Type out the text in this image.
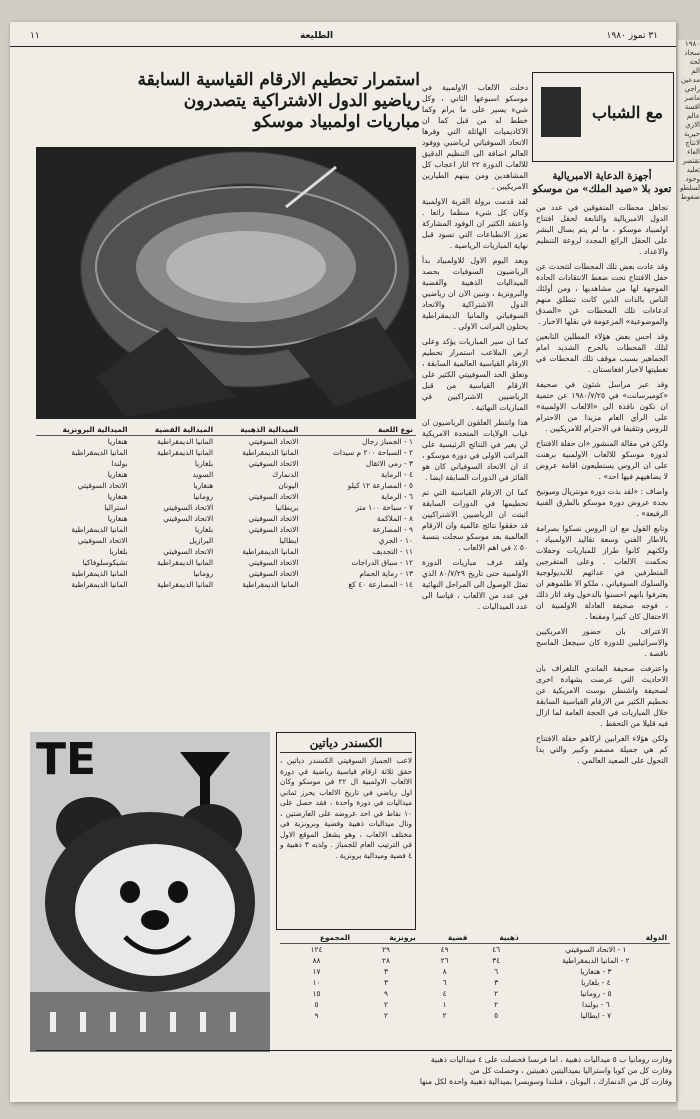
١٩٨٠
سحاد
لحة
الم
مدعين
راجي
ماصر
اقسة
عالم
الازي
حيرية
لانتاج
العاء
تقتصر
تعليد
وجود
لسلطو
ضغوط
١١	الطليعة	٣١ تموز ١٩٨٠
استمرار تحطيم الارقام القياسية السابقة
رياضيو الدول الاشتراكية يتصدرون
مباريات اولمبياد موسكو
نوع اللعبة	الميدالية الذهبية	الميدالية الفضية	الميدالية البرونزية
١ - الجمباز رجال	الاتحاد السوفيتي	المانيا الديمقراطية	هنغاريا
٢ - السباحة ٢٠٠ م سيدات	المانيا الديمقراطية	المانيا الديمقراطية	المانيا الديمقراطية
٣ - رمي الاثقال	الاتحاد السوفيتي	بلغاريا	بولندا
٤ - الرماية	الدنمارك	السويد	هنغاريا
٥ - المصارعة ١٢ كيلو	اليونان	هنغاريا	الاتحاد السوفيتي
٦ - الرماية	الاتحاد السوفيتي	رومانيا	هنغاريا
٧ - سباحة ١٠٠ متر	بريطانيا	الاتحاد السوفيتي	استراليا
٨ - الملاكمة	الاتحاد السوفيتي	الاتحاد السوفيتي	هنغاريا
٩ - المصارعة	الاتحاد السوفيتي	بلغاريا	المانيا الديمقراطية
١٠ - الجري	ايطاليا	البرازيل	الاتحاد السوفيتي
١١ - التجديف	المانيا الديمقراطية	الاتحاد السوفيتي	بلغاريا
١٢ - سباق الدراجات	الاتحاد السوفيتي	المانيا الديمقراطية	تشيكوسلوفاكيا
١٣ - رماية الحمام	الاتحاد السوفيتي	رومانيا	المانيا الديمقراطية
١٤ - المصارعة ٤٠ كغ	المانيا الديمقراطية	المانيا الديمقراطية	المانيا الديمقراطية
الكسندر دياتين
لاعب الجمباز السوفيتي الكسندر دياتين ، حقق ثلاثة ارقام قياسية رياضية في دورة الالعاب الاولمبية ال ٢٢ في موسكو وكان اول رياضي في تاريخ الالعاب يحرز ثماني ميداليات في دورة واحدة ، فقد حصل على ١٠ نقاط في احد عروضه على العارضتين ، ونال ميداليات ذهبية وفضية وبرونزية في مختلف الالعاب ، وهو يشغل الموقع الاول في الترتيب العام للجمباز . ولديه ٣ ذهبية و ٤ فضية وميدالية برونزية .
TE

دخلت الالعاب الاولمبية في موسكو اسبوعها الثاني ، وكل شيء يسير على ما يرام وكما خطط له من قبل كما ان الاكاديميات الهائلة التي وفرها الاتحاد السوفياتي لرياضيي ووفود العالم اضافة الى التنظيم الدقيق للالعاب الدورة ٢٢ اثار اعجاب كل المشاهدين ومن بينهم الطيارين الامريكيين .

لقد قدمت برولة القرية الاولمبية وكان كل شيء منظما رائعا . واعتقد الكثير ان الوفود المشاركة تعزز الانطباعات التي تسود قبل نهاية المباريات الرياضية .

وبعد اليوم الاول للاولمبياد بدأ الرياضيون السوفيات بحصد الميداليات الذهبية والفضية والبرونزية ، وتبين الان ان رياضيي الدول الاشتراكية والاتحاد السوفياتي والمانيا الديمقراطية يحتلون المراتب الاولى .

كما ان سير المباريات يؤكد وعلى ارض الملاعب استمرار تحطيم الارقام القياسية العالمية السابقة ، وتعلق الحد السوفييتي الكثير على الارقام القياسية من قبل الرياضيين الاشتراكيين في المباريات النهائية .

هذا وانتظر العلقون الرياضيون ان غياب الولايات المتحدة الامريكية لن يغير في النتائج الرئيسية على المراتب الاولى في دورة موسكو ، اذ ان الاتحاد السوفياتي كان هو الفائز في الدورات السابقة ايضا .

كما ان الارقام القياسية التي تم تحطيمها في الدورات السابقة اثبتت ان الرياضيين الاشتراكيين قد حققوا نتائج عالمية وان الارقام العالمية بعد موسكو سجلت بنسبة ٥٠ ٪ في اهم الالعاب .

ولقد عرف مباريات الدورة الاولمبية حتى تاريخ ٨٠/٧/٢٩ الذي تمثل الوصول الى المراحل النهائية في عدد من الالعاب ، قياسا الى عدد الميداليات .

مع الشباب
أجهزة الدعاية الامبريالية
تعود بلا «صيد الملك» من موسكو

تجاهل محطات المتفوقين في عدد من الدول الامبريالية والتابعة لحفل افتتاح اولمبياد موسكو ، ما لم يتم بسال البشر على الحقل الرائع المجدد لروعة التنظيم والاعداد .

وقد عادت بعض تلك المحطات لتتحدث عن حفل الافتتاح تحت ضغط الانتقادات الحادة الموجهة لها من مشاهديها ، ومن أولئك الناس بالذات الذين كانت تنطلق منهم ادعاءات تلك المحطات عن «الصدق والموضوعية» المزعومة في نقلها الاخبار .

وقد احس بعض هؤلاء المطلين التابعين لتلك المحطات بالحرج الشديد امام الجماهير بسبب موقف تلك المحطات في تغطيتها لاخبار افغانستان .

وقد عبر مراسل شئون في صحيفة «كوميرسانت» في ١٩٨٠/٧/٢٥ عن حتمية ان تكون نافذة الى «الالعاب الاولمبية» على الرأي العام مزيدا من الاحترام للروس وتثقيفا في الاحترام للامريكيين .

ولكن في مقالة المنشور «ان حفلة الافتتاح لدورة موسكو للالعاب الاولمبية برهنت على ان الروس يستطيعون اقامة عروض لا يضاهيهم فيها احد» .

واضاف : «لقد بذت دورة مونتريال وميونيخ بجدة عروض دورة موسكو بالطرق الفنية الرفيعة» .

وتابع القول مع ان الروس نسكوا بصرامة بالاطار الفني وسعة تقاليد الاولمبياد ، ولكنهم كانوا طراز للمباريات وحفلات تحكمت الالعاب . وعلى المتفرجين المتطرفين في عدائهم للايديولوجية والسلوك السوفياتي ، ملكو الا ظلموهم ان يعترفوا بانهم احسنوا بالدخول وقد اثار ذلك ، فوجه صحيفة العادلة الاولمبية ان الاحتفال كان كبيرا ومقنعا .

الاعتراف بان حضور الامريكيين والاسرائيليين للدورة كان سيجعل الماسح ناقصة .

واعترفت صحيفة الماندي التلغراف بان الاحاديث التي عرضت بشهادة اخرى لصحيفة واشنطن بوست الامريكية عن تحطيم الكثير من الارقام القياسية السابقة خلال المباريات في الحجة العامة لما ازال فيه قليلا من التحفظ .

ولكن هؤلاء الغرابين اركاهم حفلة الافتتاح كم هي جميلة مصمم وكبير والتي بدا التحول على الصعيد العالمي .

الدولة	ذهبية	فضية	برونزية	المجموع
١ - الاتحاد السوفيتي	٤٦	٤٩	٢٩	١٢٤
٢ - المانيا الديمقراطية	٣٤	٢٦	٢٨	٨٨
٣ - هنغاريا	٦	٨	٣	١٧
٤ - بلغاريا	٣	٦	٣	١٠
٥ - رومانيا	٢	٤	٩	١٥
٦ - بولندا	٢	١	٢	٥
٧ - ايطاليا	٥	٢	٢	٩
وفازت رومانيا ب ٥ ميداليات ذهبية ، اما فرنسا فحصلت على ٤ ميداليات ذهبية
وفازت كل من كوبا واستراليا بميداليتين ذهبيتين ، وحصلت كل من
وفازت كل من الدنمارك ، اليونان ، فنلندا وسويسرا بميدالية ذهبية واحدة لكل منها
